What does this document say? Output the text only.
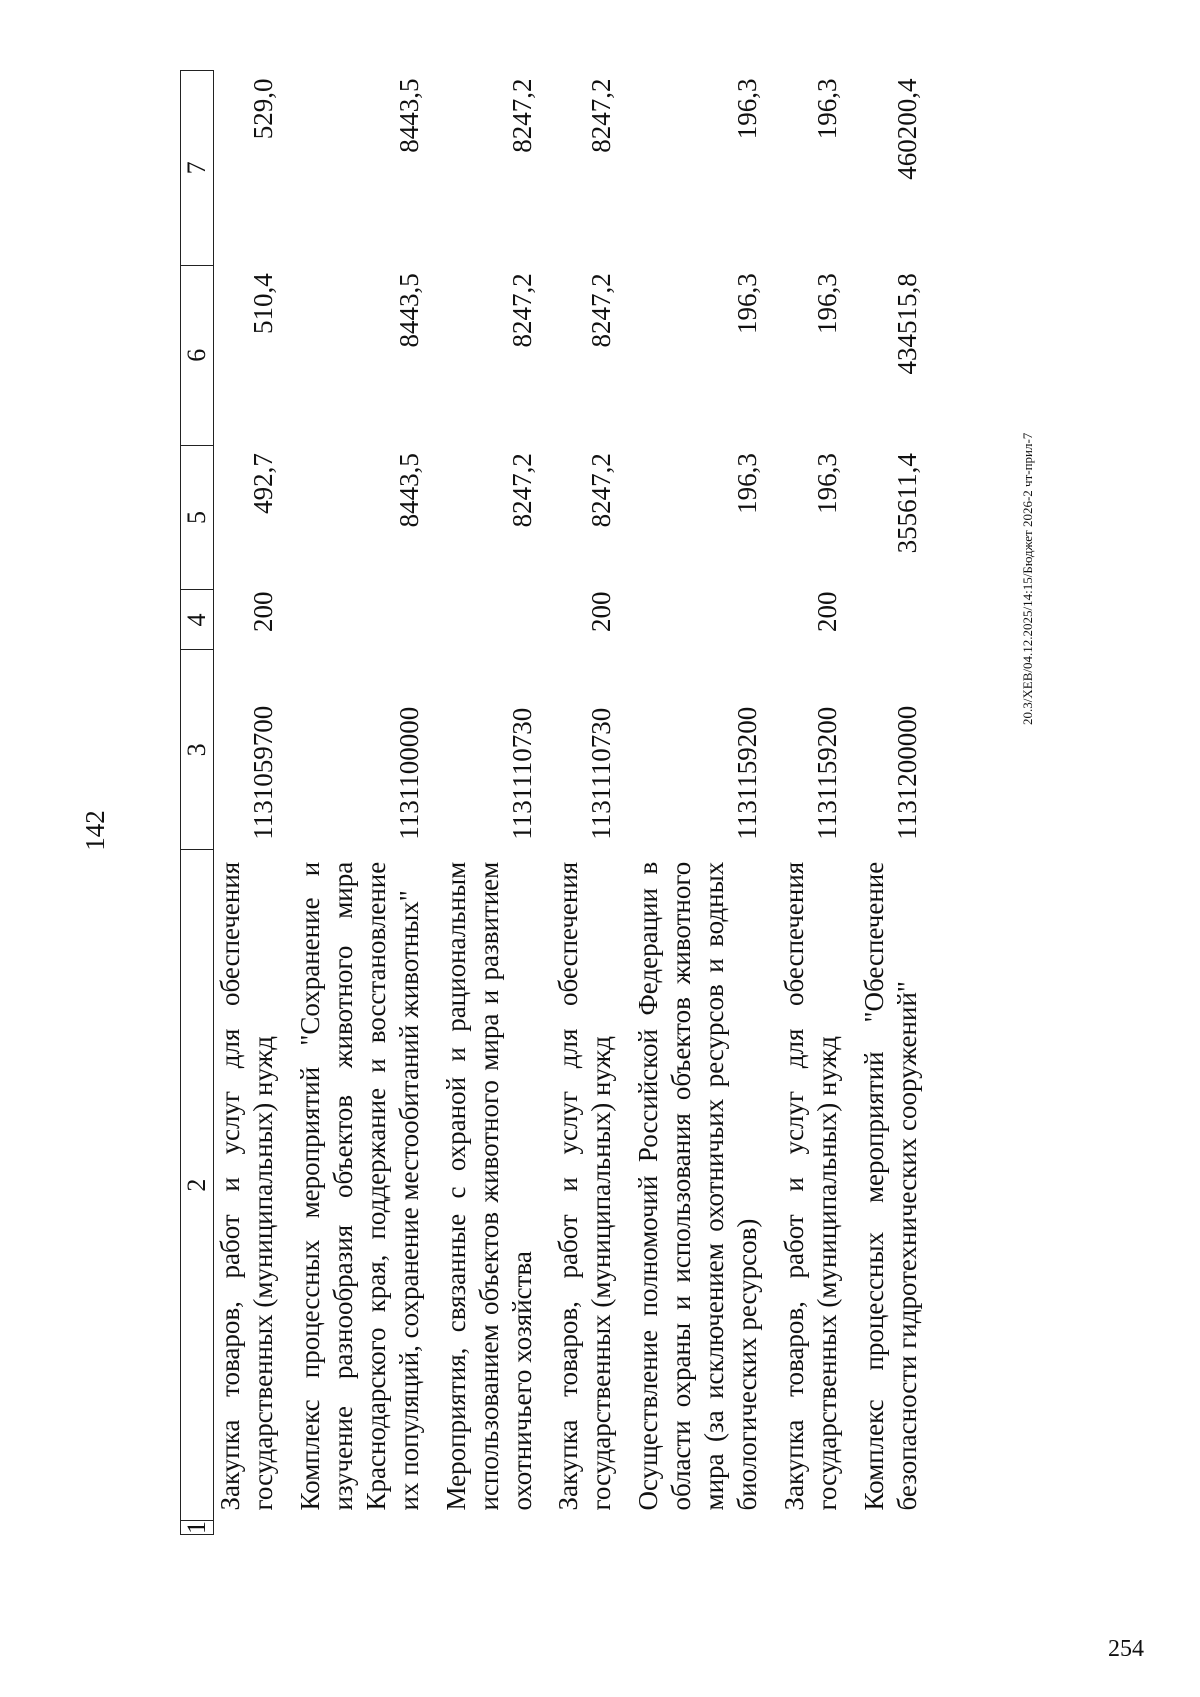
142
1	2	3	4	5	6	7
	Закупка товаров, работ и услуг для обеспечения государственных (муниципальных) нужд	1131059700	200	492,7	510,4	529,0
	Комплекс процессных мероприятий "Сохранение и изучение разнообразия объектов животного мира Краснодарского края, поддержание и восстановление их популяций, сохранение местообитаний животных"	1131100000		8443,5	8443,5	8443,5
	Мероприятия, связанные с охраной и рациональным использованием объектов животного мира и развитием охотничьего хозяйства	1131110730		8247,2	8247,2	8247,2
	Закупка товаров, работ и услуг для обеспечения государственных (муниципальных) нужд	1131110730	200	8247,2	8247,2	8247,2
	Осуществление полномочий Российской Федерации в области охраны и использования объектов животного мира (за исключением охотничьих ресурсов и водных биологических ресурсов)	1131159200		196,3	196,3	196,3
	Закупка товаров, работ и услуг для обеспечения государственных (муниципальных) нужд	1131159200	200	196,3	196,3	196,3
	Комплекс процессных мероприятий "Обеспечение безопасности гидротехнических сооружений"	1131200000		355611,4	434515,8	460200,4
20.3/ХЕВ/04.12.2025/14:15/Бюджет 2026-2 чт-прил-7
254
